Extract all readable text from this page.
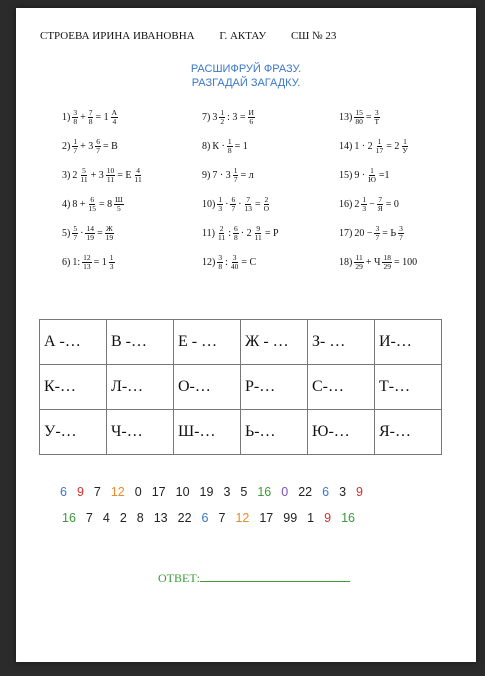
СТРОЕВА ИРИНА ИВАНОВНА Г. АКТАУ СШ № 23
РАСШИФРУЙ ФРАЗУ.
РАЗГАДАЙ ЗАГАДКУ.
1) 3
8 + 7
8 = 1 А
4
2) 1
7 + 3 6
7 = В
3) 2 5
11 + 3 10
11 = Е 4
11
4) 8 + 6
15 = 8 Ш
5
5) 5
7 · 14
19 = Ж
19
6) 1: 12
13 = 1 1
3
7) 3 1
2 : 3 = И
6
8) К · 1
8 = 1
9) 7 · 3 1
7 = л
10) 1
3 · 6
7 · 7
13 = 2
О
11) 2
11 : 6
8 · 2 9
11 = Р
12) 3
8 : 3
40 = С
13) 15
80 = 3
Т
14) 1 · 2 1
17 = 2 1
У
15) 9 · 1
Ю =1
16) 2 1
3 − 7
Я = 0
17) 20 − 3
7 = Ь 3
7
18) 11
29 + Ч 18
29 = 100
А -…	В -…	Е - …	Ж - …	З- …	И-…
К-…	Л-…	О-…	Р-…	С-…	Т-…
У-…	Ч-…	Ш-…	Ь-…	Ю-…	Я-…
6 9 7 12 0 17 10 19 3 5 16 0 22 6 3 9
16 7 4 2 8 13 22 6 7 12 17 99 1 9 16
ОТВЕТ:
